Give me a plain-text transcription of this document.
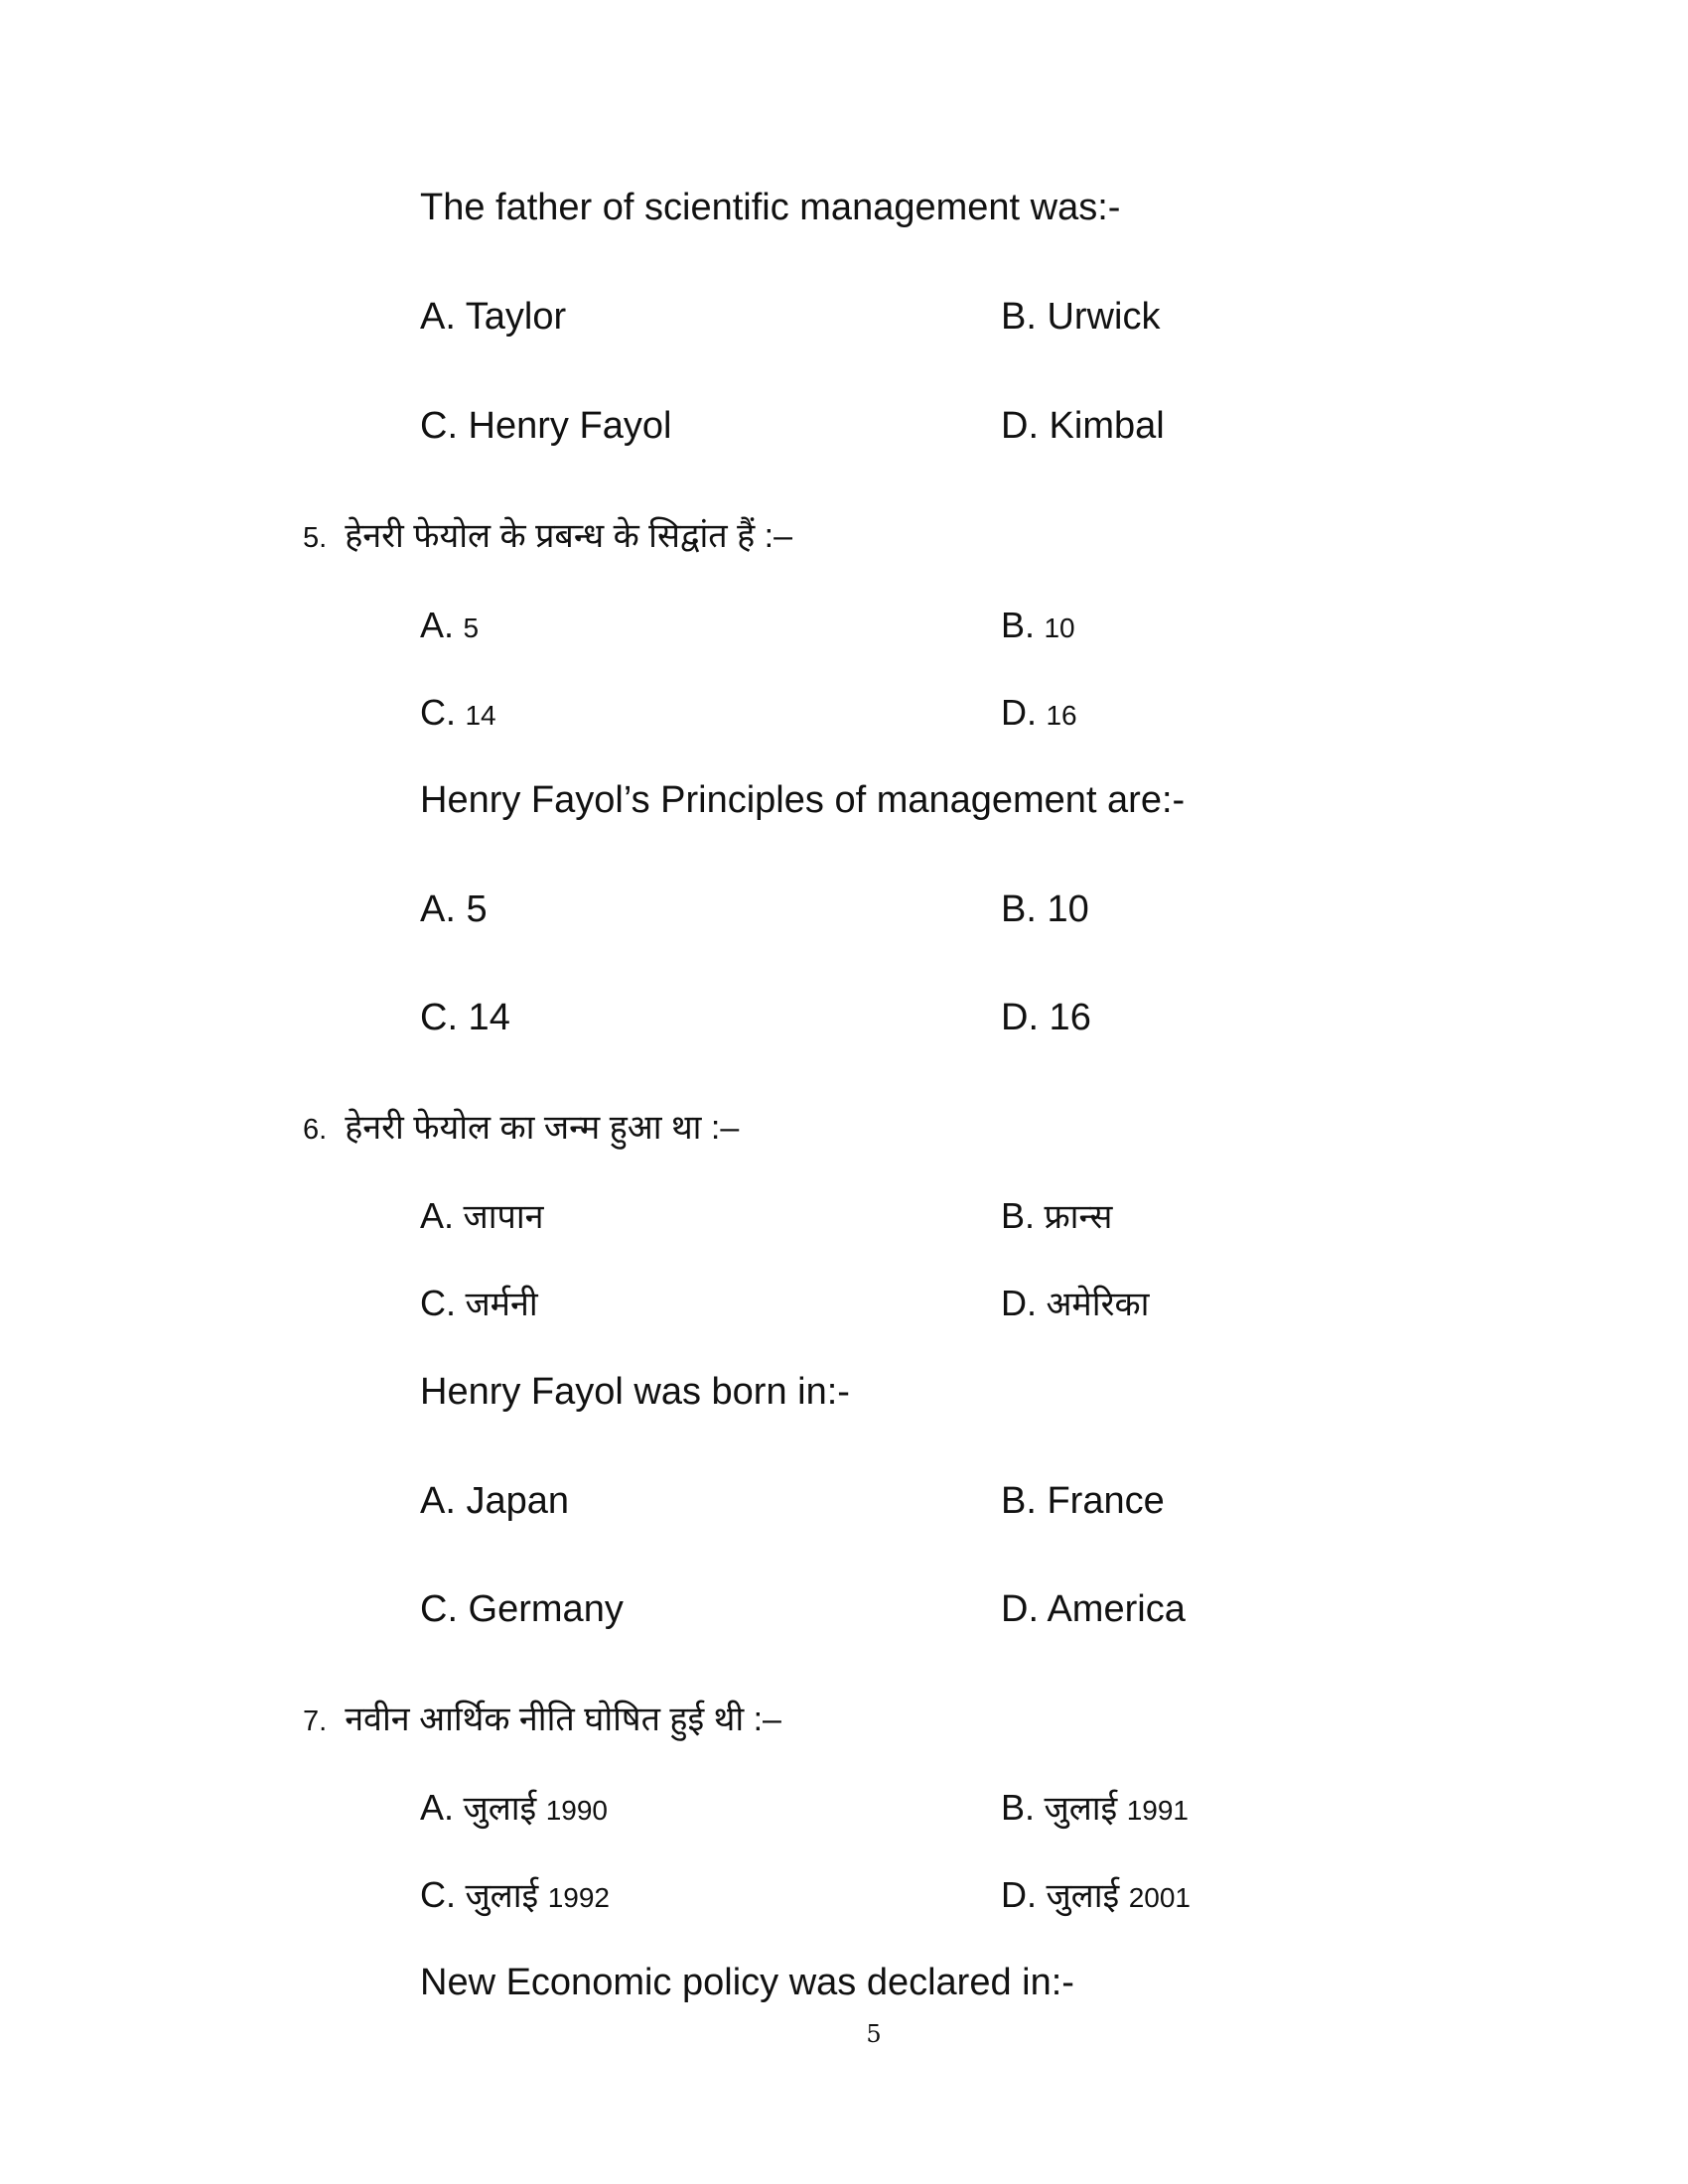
The father of scientific management was:-
A. Taylor	B. Urwick
C. Henry Fayol	D. Kimbal
5. हेनरी फेयोल के प्रबन्ध के सिद्वांत हैं :–
A. 5	B. 10
C. 14	D. 16
Henry Fayol’s Principles of management are:-
A. 5	B. 10
C. 14	D. 16
6. हेनरी फेयोल का जन्म हुआ था :–
A. जापान	B. फ्रान्स
C. जर्मनी	D. अमेरिका
Henry Fayol was born in:-
A. Japan	B. France
C. Germany	D. America
7. नवीन आर्थिक नीति घोषित हुई थी :–
A. जुलाई 1990	B. जुलाई 1991
C. जुलाई 1992	D. जुलाई 2001
New Economic policy was declared in:-
5
